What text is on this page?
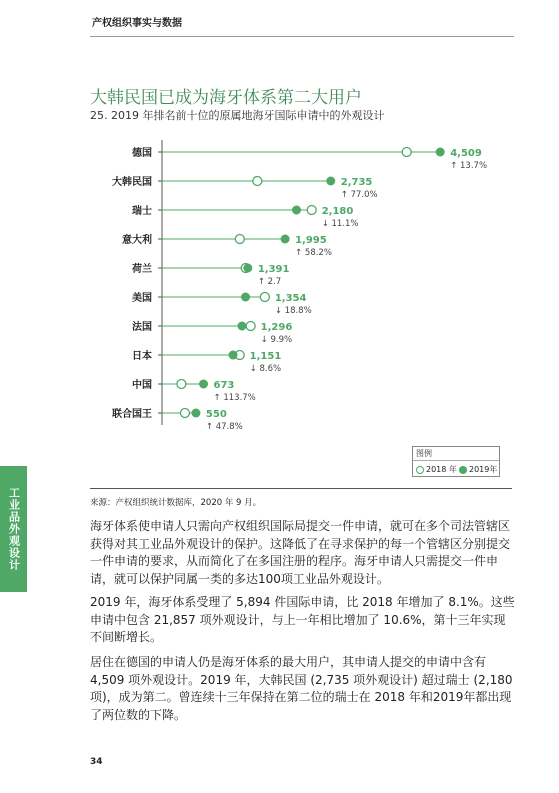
产权组织事实与数据
大韩民国已成为海牙体系第二大用户
25. 2019 年排名前十位的原属地海牙国际申请中的外观设计
德国	4,509
↑ 13.7%
大韩民国	2,735
↑ 77.0%
瑞士	2,180
↓ 11.1%
意大利	1,995
↑ 58.2%
荷兰	1,391
↑ 2.7
美国	1,354
↓ 18.8%
法国	1,296
↓ 9.9%
日本	1,151
↓ 8.6%
中国	673
↑ 113.7%
联合国王	550
↑ 47.8%
图例
2018 年 2019年
来源：产权组织统计数据库，2020 年 9 月。

海牙体系使申请人只需向产权组织国际局提交一件申请，就可在多个司法管辖区获得对其工业品外观设计的保护。这降低了在寻求保护的每一个管辖区分别提交一件申请的要求，从而简化了在多国注册的程序。海牙申请人只需提交一件申请，就可以保护同属一类的多达100项工业品外观设计。

2019 年，海牙体系受理了 5,894 件国际申请，比 2018 年增加了 8.1%。这些申请中包含 21,857 项外观设计，与上一年相比增加了 10.6%，第十三年实现不间断增长。

居住在德国的申请人仍是海牙体系的最大用户，其申请人提交的申请中含有 4,509 项外观设计。2019 年，大韩民国 (2,735 项外观设计) 超过瑞士 (2,180 项)，成为第二。曾连续十三年保持在第二位的瑞士在 2018 年和2019年都出现了两位数的下降。

34
工业品外观设计
